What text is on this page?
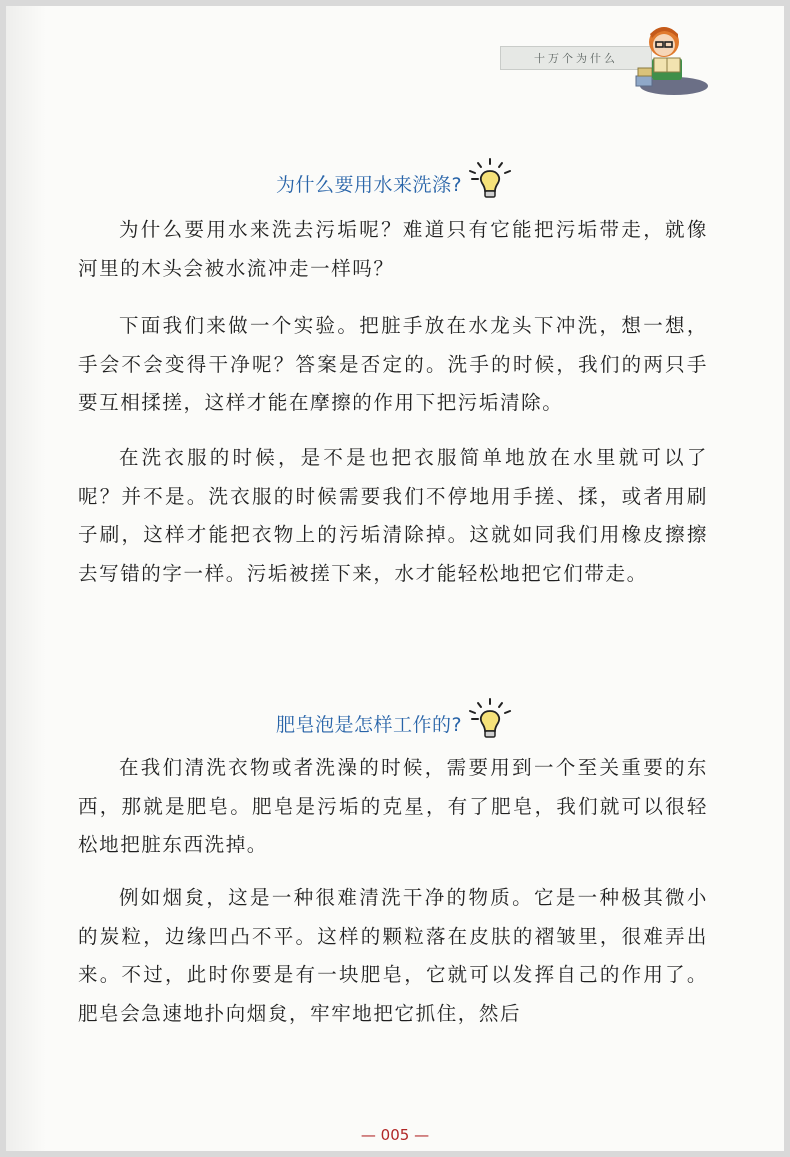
十万个为什么
为什么要用水来洗涤?

为什么要用水来洗去污垢呢？难道只有它能把污垢带走，就像河里的木头会被水流冲走一样吗？

下面我们来做一个实验。把脏手放在水龙头下冲洗，想一想，手会不会变得干净呢？答案是否定的。洗手的时候，我们的两只手要互相揉搓，这样才能在摩擦的作用下把污垢清除。

在洗衣服的时候，是不是也把衣服简单地放在水里就可以了呢？并不是。洗衣服的时候需要我们不停地用手搓、揉，或者用刷子刷，这样才能把衣物上的污垢清除掉。这就如同我们用橡皮擦擦去写错的字一样。污垢被搓下来，水才能轻松地把它们带走。

肥皂泡是怎样工作的?

在我们清洗衣物或者洗澡的时候，需要用到一个至关重要的东西，那就是肥皂。肥皂是污垢的克星，有了肥皂，我们就可以很轻松地把脏东西洗掉。

例如烟炱，这是一种很难清洗干净的物质。它是一种极其微小的炭粒，边缘凹凸不平。这样的颗粒落在皮肤的褶皱里，很难弄出来。不过，此时你要是有一块肥皂，它就可以发挥自己的作用了。肥皂会急速地扑向烟炱，牢牢地把它抓住，然后

— 005 —
